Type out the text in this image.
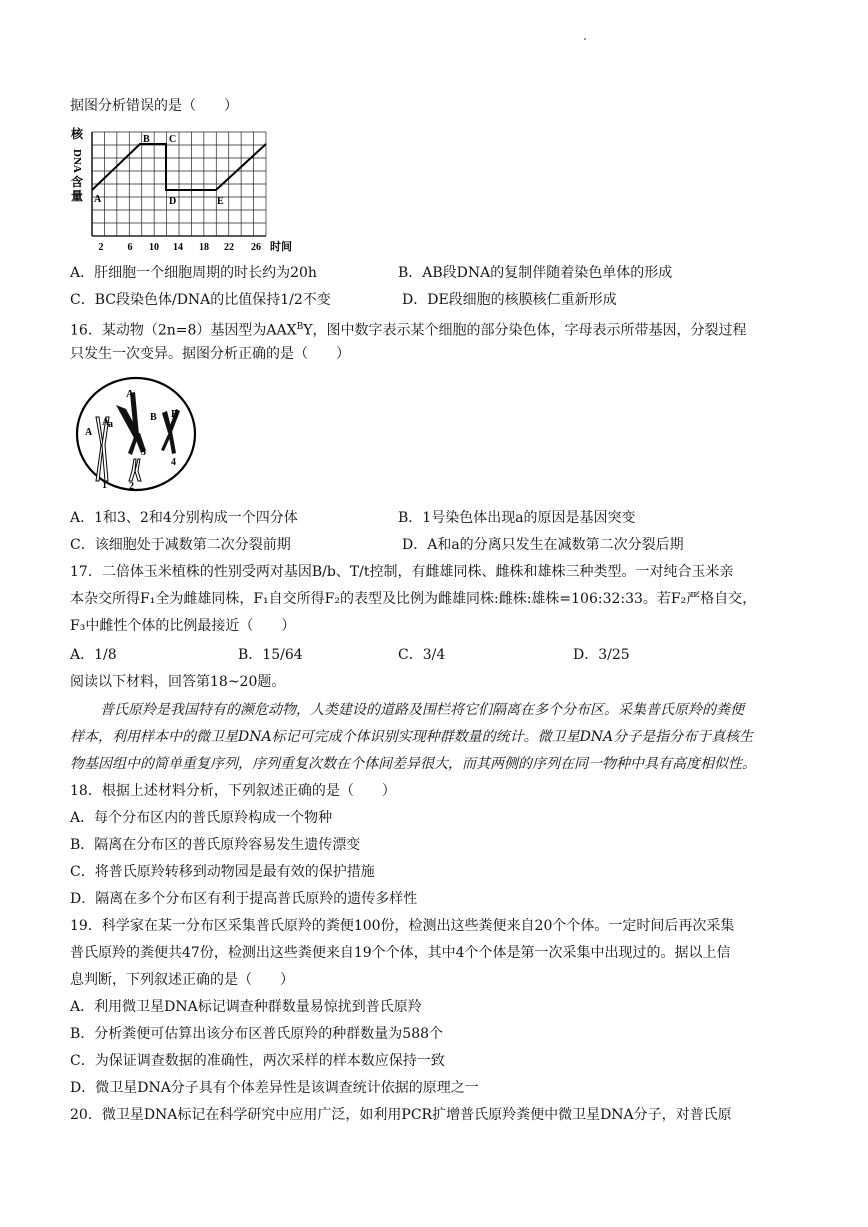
据图分析错误的是（　　）
核
DNA
含
量 A
B C
D	E
2 6 10 14 18 22 26 时间
A．肝细胞一个细胞周期的时长约为20h	B．AB段DNA的复制伴随着染色单体的形成
C．BC段染色体/DNA的比值保持1/2不变	D．DE段细胞的核膜核仁重新形成
16．某动物（2n=8）基因型为$AAX^BY$，图中数字表示某个细胞的部分染色体，字母表示所带基因，分裂过程
只发生一次变异。据图分析正确的是（　　）
A
A
A
a
B B
1 2
3
4
A．1和3、2和4分别构成一个四分体	B．1号染色体出现a的原因是基因突变
C．该细胞处于减数第二次分裂前期	D．A和a的分离只发生在减数第二次分裂后期
17．二倍体玉米植株的性别受两对基因B/b、T/t控制，有雌雄同株、雌株和雄株三种类型。一对纯合玉米亲
本杂交所得F₁全为雌雄同株，F₁自交所得F₂的表型及比例为雌雄同株:雌株:雄株=106:32:33。若F₂严格自交，
F₃中雌性个体的比例最接近（　　）
A．1/8	B．15/64	C．3/4	D．3/25
阅读以下材料，回答第18~20题。
普氏原羚是我国特有的濒危动物，人类建设的道路及围栏将它们隔离在多个分布区。采集普氏原羚的粪便
样本，利用样本中的微卫星DNA标记可完成个体识别实现种群数量的统计。微卫星DNA分子是指分布于真核生
物基因组中的简单重复序列，序列重复次数在个体间差异很大，而其两侧的序列在同一物种中具有高度相似性。
18．根据上述材料分析，下列叙述正确的是（　　）
A．每个分布区内的普氏原羚构成一个物种
B．隔离在分布区的普氏原羚容易发生遗传漂变
C．将普氏原羚转移到动物园是最有效的保护措施
D．隔离在多个分布区有利于提高普氏原羚的遗传多样性
19．科学家在某一分布区采集普氏原羚的粪便100份，检测出这些粪便来自20个个体。一定时间后再次采集
普氏原羚的粪便共47份，检测出这些粪便来自19个个体，其中4个个体是第一次采集中出现过的。据以上信
息判断，下列叙述正确的是（　　）
A．利用微卫星DNA标记调查种群数量易惊扰到普氏原羚
B．分析粪便可估算出该分布区普氏原羚的种群数量为588个
C．为保证调查数据的准确性，两次采样的样本数应保持一致
D．微卫星DNA分子具有个体差异性是该调查统计依据的原理之一
20．微卫星DNA标记在科学研究中应用广泛，如利用PCR扩增普氏原羚粪便中微卫星DNA分子，对普氏原
